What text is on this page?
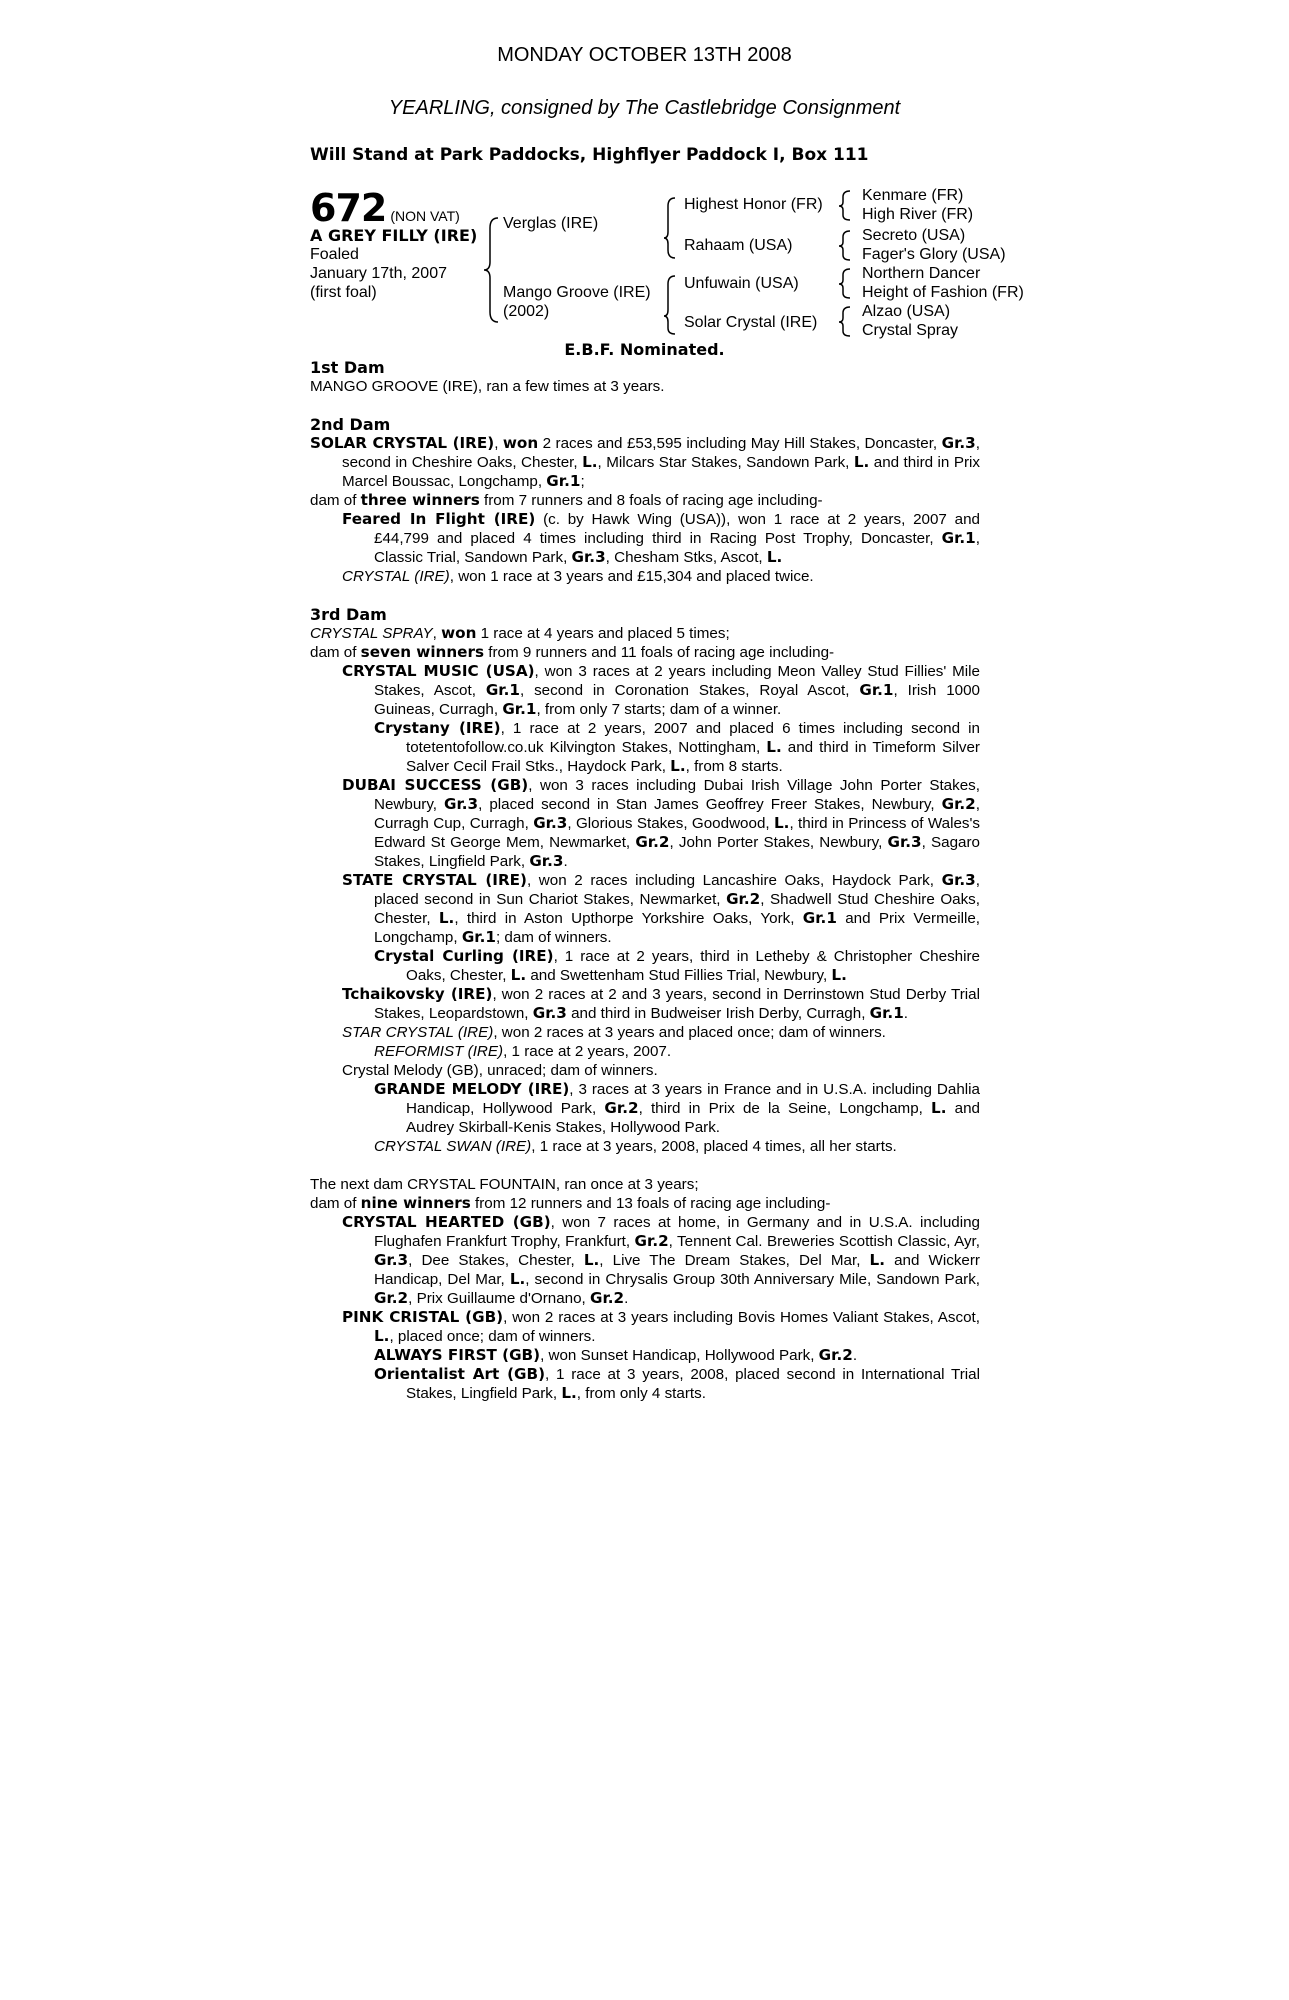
MONDAY OCTOBER 13TH 2008
YEARLING, consigned by The Castlebridge Consignment
Will Stand at Park Paddocks, Highflyer Paddock I, Box 111
672 (NON VAT)
A GREY FILLY (IRE)
Foaled
January 17th, 2007
(first foal)
Verglas (IRE)
Mango Groove (IRE)
(2002)
Highest Honor (FR)
Rahaam (USA)
Unfuwain (USA)
Solar Crystal (IRE)
Kenmare (FR)
High River (FR)
Secreto (USA)
Fager's Glory (USA)
Northern Dancer
Height of Fashion (FR)
Alzao (USA)
Crystal Spray
E.B.F. Nominated.

1st Dam

MANGO GROOVE (IRE), ran a few times at 3 years.

2nd Dam

SOLAR CRYSTAL (IRE), won 2 races and £53,595 including May Hill Stakes, Doncaster, Gr.3, second in Cheshire Oaks, Chester, L., Milcars Star Stakes, Sandown Park, L. and third in Prix Marcel Boussac, Longchamp, Gr.1;

dam of three winners from 7 runners and 8 foals of racing age including-

Feared In Flight (IRE) (c. by Hawk Wing (USA)), won 1 race at 2 years, 2007 and £44,799 and placed 4 times including third in Racing Post Trophy, Doncaster, Gr.1, Classic Trial, Sandown Park, Gr.3, Chesham Stks, Ascot, L.

CRYSTAL (IRE), won 1 race at 3 years and £15,304 and placed twice.

3rd Dam

CRYSTAL SPRAY, won 1 race at 4 years and placed 5 times;

dam of seven winners from 9 runners and 11 foals of racing age including-

CRYSTAL MUSIC (USA), won 3 races at 2 years including Meon Valley Stud Fillies' Mile Stakes, Ascot, Gr.1, second in Coronation Stakes, Royal Ascot, Gr.1, Irish 1000 Guineas, Curragh, Gr.1, from only 7 starts; dam of a winner.

Crystany (IRE), 1 race at 2 years, 2007 and placed 6 times including second in totetentofollow.co.uk Kilvington Stakes, Nottingham, L. and third in Timeform Silver Salver Cecil Frail Stks., Haydock Park, L., from 8 starts.

DUBAI SUCCESS (GB), won 3 races including Dubai Irish Village John Porter Stakes, Newbury, Gr.3, placed second in Stan James Geoffrey Freer Stakes, Newbury, Gr.2, Curragh Cup, Curragh, Gr.3, Glorious Stakes, Goodwood, L., third in Princess of Wales's Edward St George Mem, Newmarket, Gr.2, John Porter Stakes, Newbury, Gr.3, Sagaro Stakes, Lingfield Park, Gr.3.

STATE CRYSTAL (IRE), won 2 races including Lancashire Oaks, Haydock Park, Gr.3, placed second in Sun Chariot Stakes, Newmarket, Gr.2, Shadwell Stud Cheshire Oaks, Chester, L., third in Aston Upthorpe Yorkshire Oaks, York, Gr.1 and Prix Vermeille, Longchamp, Gr.1; dam of winners.

Crystal Curling (IRE), 1 race at 2 years, third in Letheby & Christopher Cheshire Oaks, Chester, L. and Swettenham Stud Fillies Trial, Newbury, L.

Tchaikovsky (IRE), won 2 races at 2 and 3 years, second in Derrinstown Stud Derby Trial Stakes, Leopardstown, Gr.3 and third in Budweiser Irish Derby, Curragh, Gr.1.

STAR CRYSTAL (IRE), won 2 races at 3 years and placed once; dam of winners.

REFORMIST (IRE), 1 race at 2 years, 2007.

Crystal Melody (GB), unraced; dam of winners.

GRANDE MELODY (IRE), 3 races at 3 years in France and in U.S.A. including Dahlia Handicap, Hollywood Park, Gr.2, third in Prix de la Seine, Longchamp, L. and Audrey Skirball-Kenis Stakes, Hollywood Park.

CRYSTAL SWAN (IRE), 1 race at 3 years, 2008, placed 4 times, all her starts.

The next dam CRYSTAL FOUNTAIN, ran once at 3 years;

dam of nine winners from 12 runners and 13 foals of racing age including-

CRYSTAL HEARTED (GB), won 7 races at home, in Germany and in U.S.A. including Flughafen Frankfurt Trophy, Frankfurt, Gr.2, Tennent Cal. Breweries Scottish Classic, Ayr, Gr.3, Dee Stakes, Chester, L., Live The Dream Stakes, Del Mar, L. and Wickerr Handicap, Del Mar, L., second in Chrysalis Group 30th Anniversary Mile, Sandown Park, Gr.2, Prix Guillaume d'Ornano, Gr.2.

PINK CRISTAL (GB), won 2 races at 3 years including Bovis Homes Valiant Stakes, Ascot, L., placed once; dam of winners.

ALWAYS FIRST (GB), won Sunset Handicap, Hollywood Park, Gr.2.

Orientalist Art (GB), 1 race at 3 years, 2008, placed second in International Trial Stakes, Lingfield Park, L., from only 4 starts.
